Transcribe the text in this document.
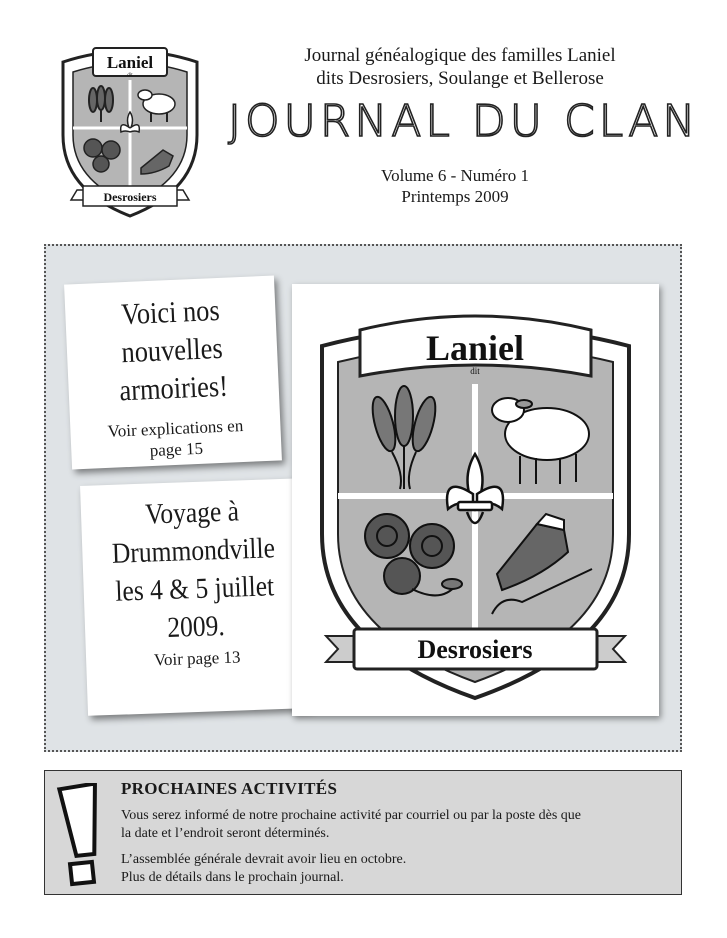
Laniel
dit
Desrosiers
Journal généalogique des familles Laniel
dits Desrosiers, Soulange et Bellerose
JOURNAL DU CLAN
Volume 6 - Numéro 1
Printemps 2009
Voici nos
nouvelles
armoiries!
Voir explications en
page 15
Voyage à
Drummondville
les 4 & 5 juillet
2009.
Voir page 13
Laniel
dit
Desrosiers
PROCHAINES ACTIVITÉS
Vous serez informé de notre prochaine activité par courriel ou par la poste dès que
la date et l’endroit seront déterminés.
L’assemblée générale devrait avoir lieu en octobre.
Plus de détails dans le prochain journal.
